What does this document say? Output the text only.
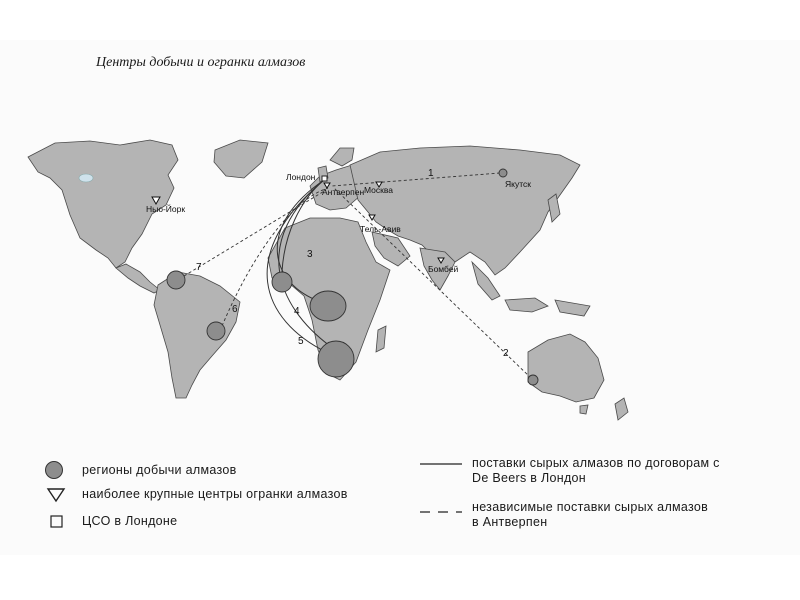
Центры добычи и огранки алмазов
Лондон
Антверпен Москва
Якутск
Нью-Йорк
Тель-Авив
Бомбей
1
2
3
4
5
6
7
регионы добычи алмазов
наиболее крупные центры огранки алмазов
ЦСО в Лондоне
поставки сырых алмазов по договорам с
De Beers в Лондон
независимые поставки сырых алмазов
в Антверпен
